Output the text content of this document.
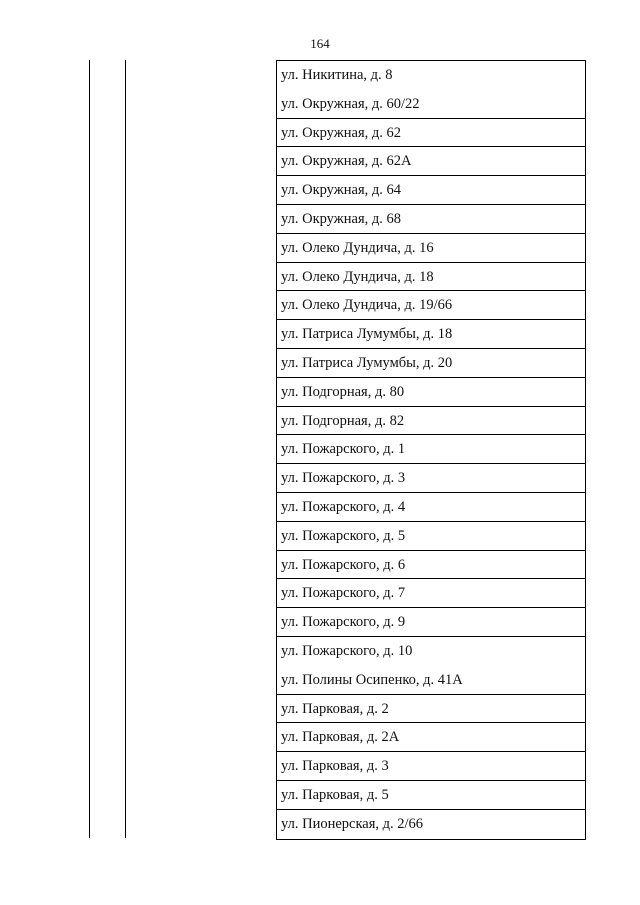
164
ул. Никитина, д. 8
ул. Окружная, д. 60/22
ул. Окружная, д. 62
ул. Окружная, д. 62А
ул. Окружная, д. 64
ул. Окружная, д. 68
ул. Олеко Дундича, д. 16
ул. Олеко Дундича, д. 18
ул. Олеко Дундича, д. 19/66
ул. Патриса Лумумбы, д. 18
ул. Патриса Лумумбы, д. 20
ул. Подгорная, д. 80
ул. Подгорная, д. 82
ул. Пожарского, д. 1
ул. Пожарского, д. 3
ул. Пожарского, д. 4
ул. Пожарского, д. 5
ул. Пожарского, д. 6
ул. Пожарского, д. 7
ул. Пожарского, д. 9
ул. Пожарского, д. 10
ул. Полины Осипенко, д. 41А
ул. Парковая, д. 2
ул. Парковая, д. 2А
ул. Парковая, д. 3
ул. Парковая, д. 5
ул. Пионерская, д. 2/66
